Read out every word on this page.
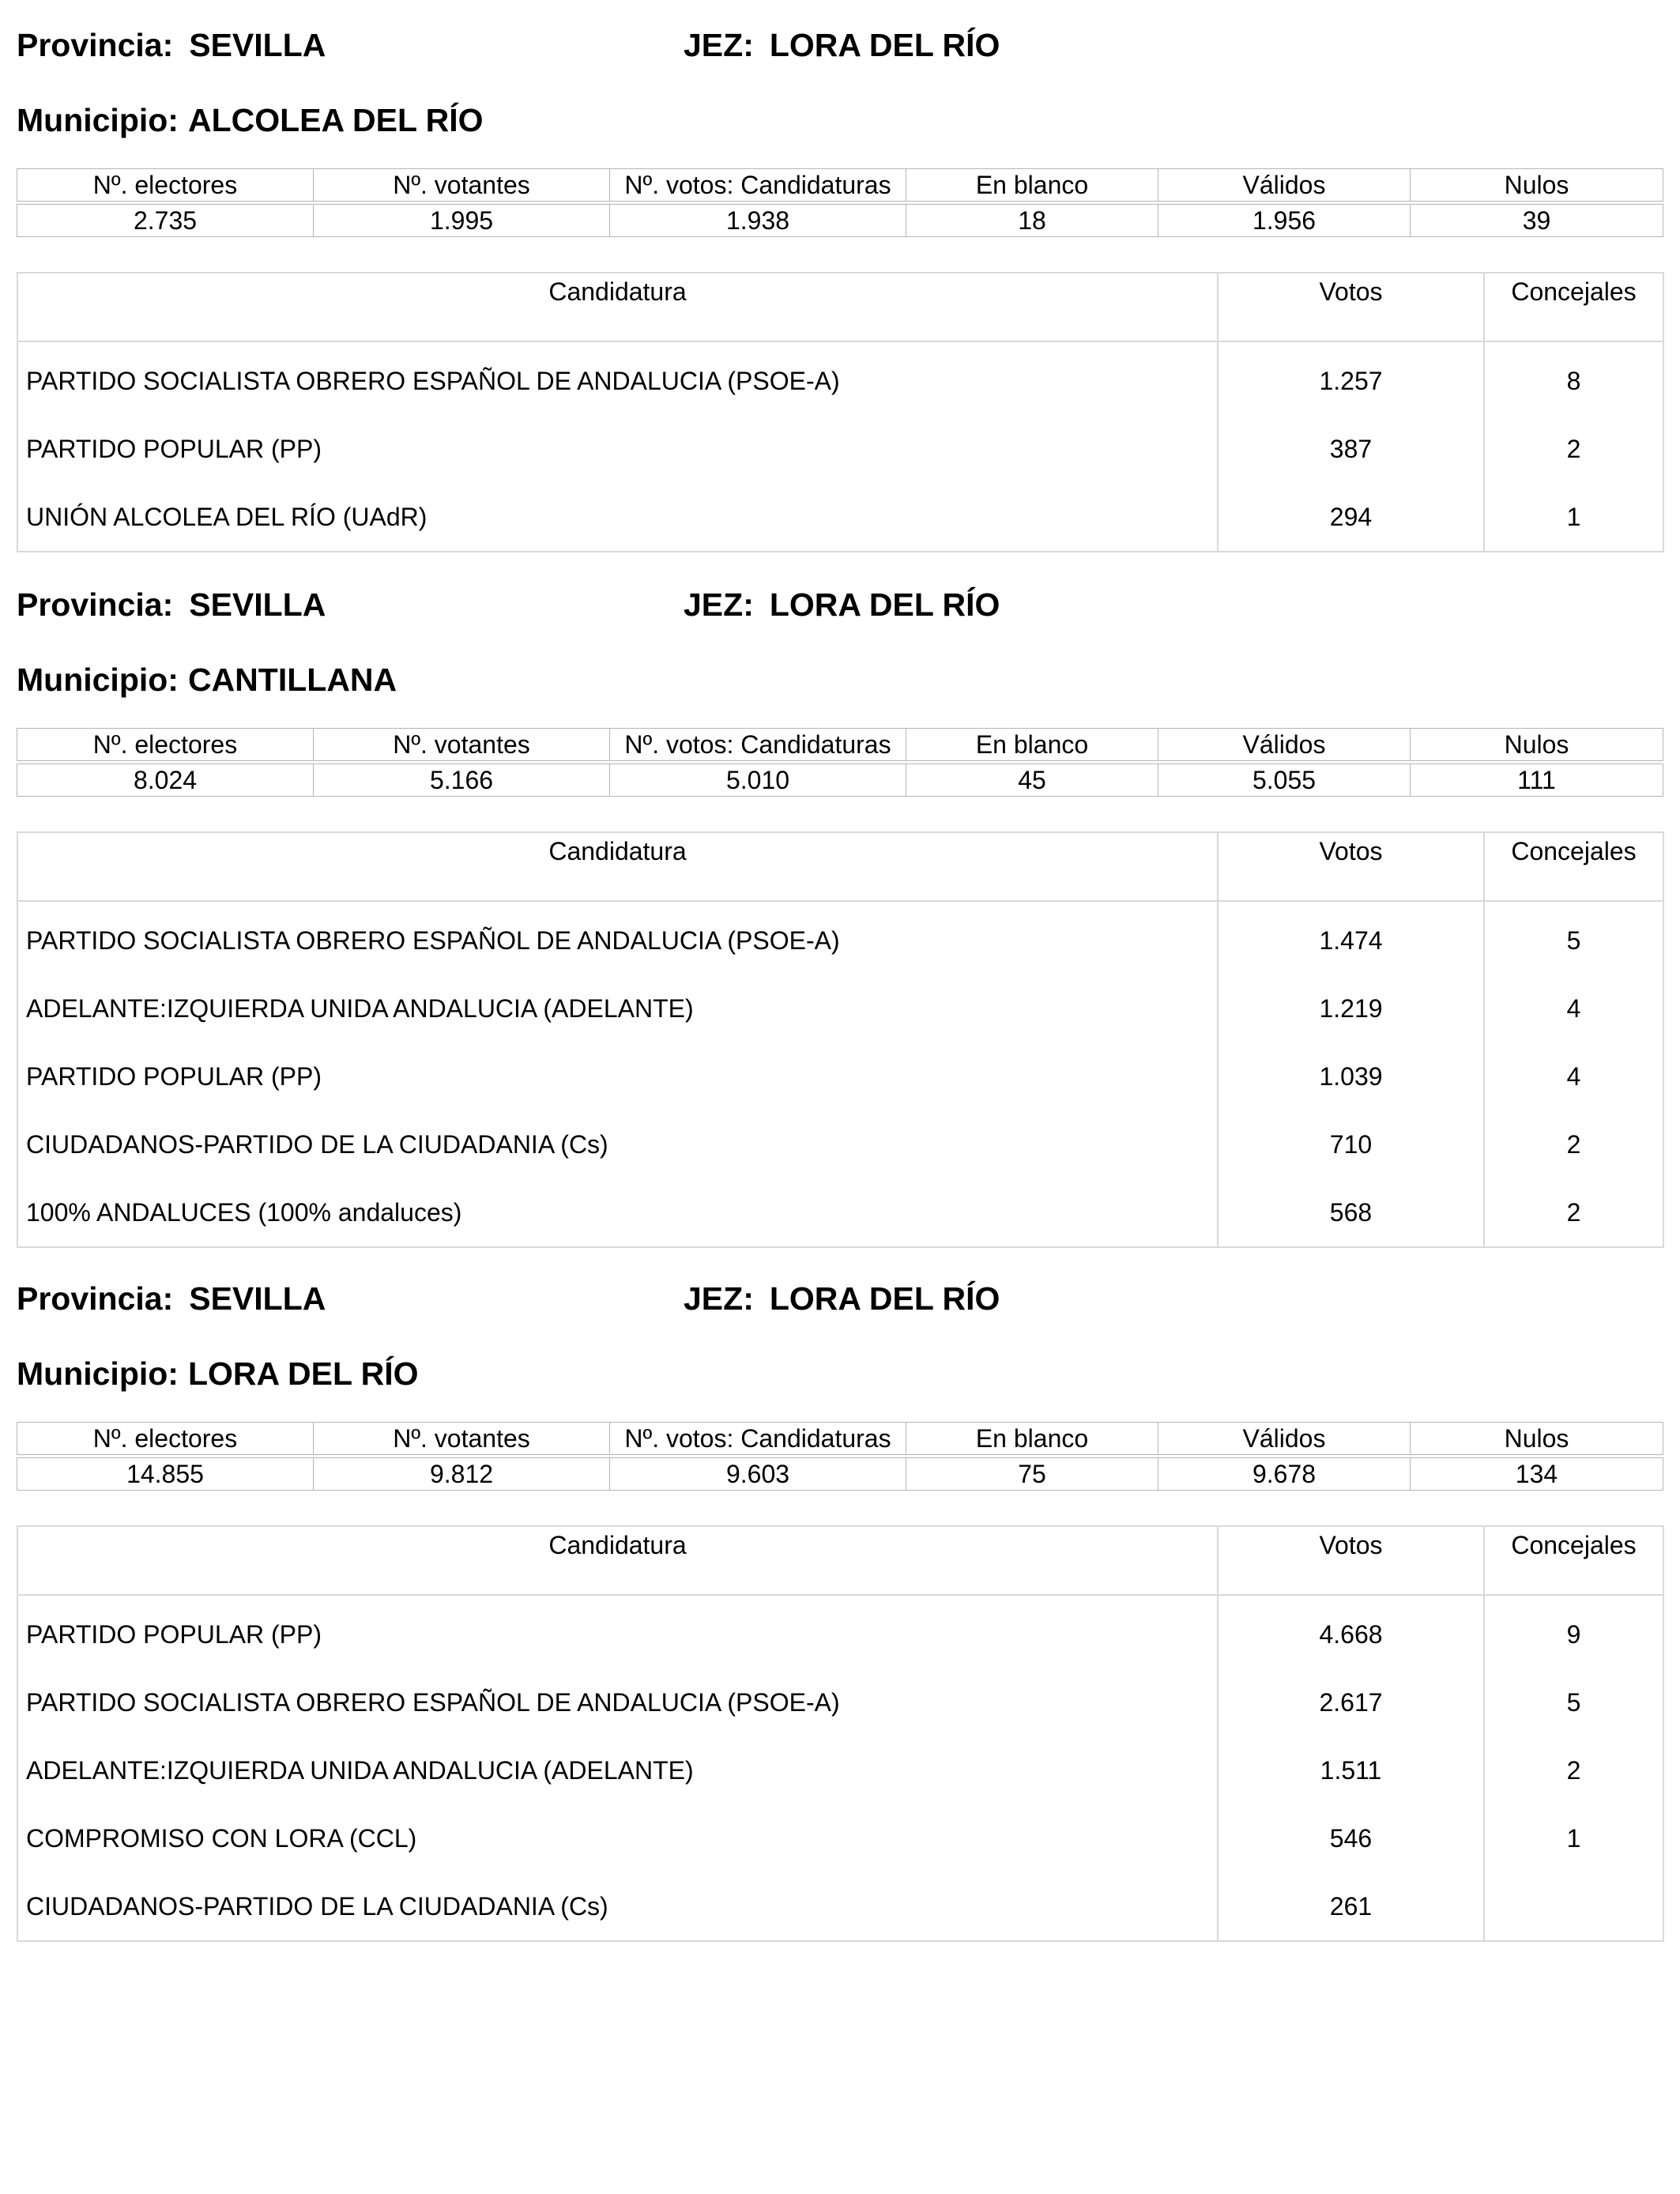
Provincia: SEVILLA	JEZ: LORA DEL RÍO
Municipio: ALCOLEA DEL RÍO
Nº. electores	Nº. votantes	Nº. votos: Candidaturas	En blanco	Válidos	Nulos

2.735	1.995	1.938	18	1.956	39
Candidatura	Votos	Concejales
PARTIDO SOCIALISTA OBRERO ESPAÑOL DE ANDALUCIA (PSOE-A)	1.257	8
PARTIDO POPULAR (PP)	387	2
UNIÓN ALCOLEA DEL RÍO (UAdR)	294	1
Provincia: SEVILLA	JEZ: LORA DEL RÍO
Municipio: CANTILLANA
Nº. electores	Nº. votantes	Nº. votos: Candidaturas	En blanco	Válidos	Nulos

8.024	5.166	5.010	45	5.055	111
Candidatura	Votos	Concejales
PARTIDO SOCIALISTA OBRERO ESPAÑOL DE ANDALUCIA (PSOE-A)	1.474	5
ADELANTE:IZQUIERDA UNIDA ANDALUCIA (ADELANTE)	1.219	4
PARTIDO POPULAR (PP)	1.039	4
CIUDADANOS-PARTIDO DE LA CIUDADANIA (Cs)	710	2
100% ANDALUCES (100% andaluces)	568	2
Provincia: SEVILLA	JEZ: LORA DEL RÍO
Municipio: LORA DEL RÍO
Nº. electores	Nº. votantes	Nº. votos: Candidaturas	En blanco	Válidos	Nulos

14.855	9.812	9.603	75	9.678	134
Candidatura	Votos	Concejales
PARTIDO POPULAR (PP)	4.668	9
PARTIDO SOCIALISTA OBRERO ESPAÑOL DE ANDALUCIA (PSOE-A)	2.617	5
ADELANTE:IZQUIERDA UNIDA ANDALUCIA (ADELANTE)	1.511	2
COMPROMISO CON LORA (CCL)	546	1
CIUDADANOS-PARTIDO DE LA CIUDADANIA (Cs)	261	
